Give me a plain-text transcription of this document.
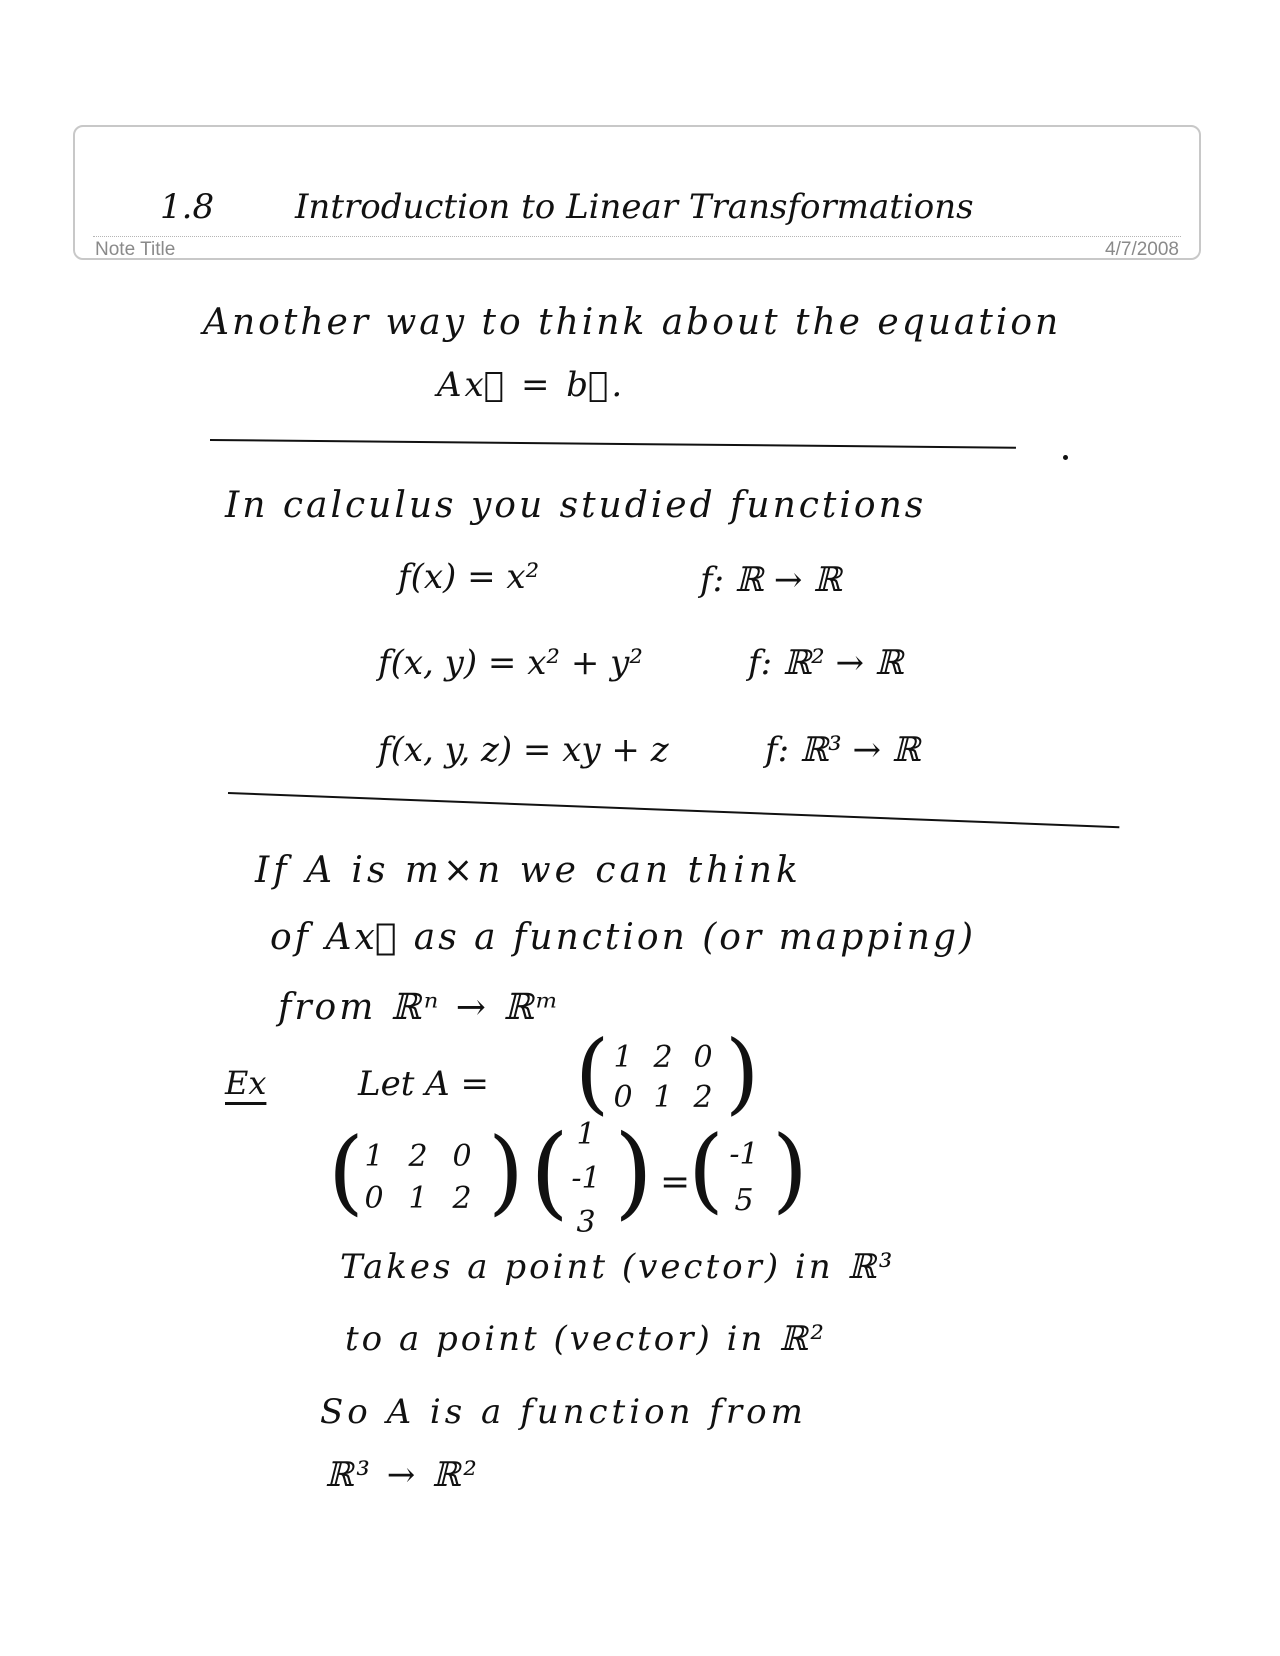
1.8 Introduction to Linear Transformations
Note Title	4/7/2008
Another way to think about the equation
Ax⃗ = b⃗.
In calculus you studied functions
f(x) = x²	f: ℝ → ℝ
f(x, y) = x² + y²	f: ℝ² → ℝ
f(x, y, z) = xy + z	f: ℝ³ → ℝ
If A is m×n we can think
of Ax⃗ as a function (or mapping)
from ℝⁿ → ℝᵐ
Ex	Let A = ( 1 2 0
0 1 2 )
( 1 2 0
0 1 2 ) ( 1
-1
3 ) =
( -1
5 )
Takes a point (vector) in ℝ³
to a point (vector) in ℝ²
So A is a function from
ℝ³ → ℝ²
